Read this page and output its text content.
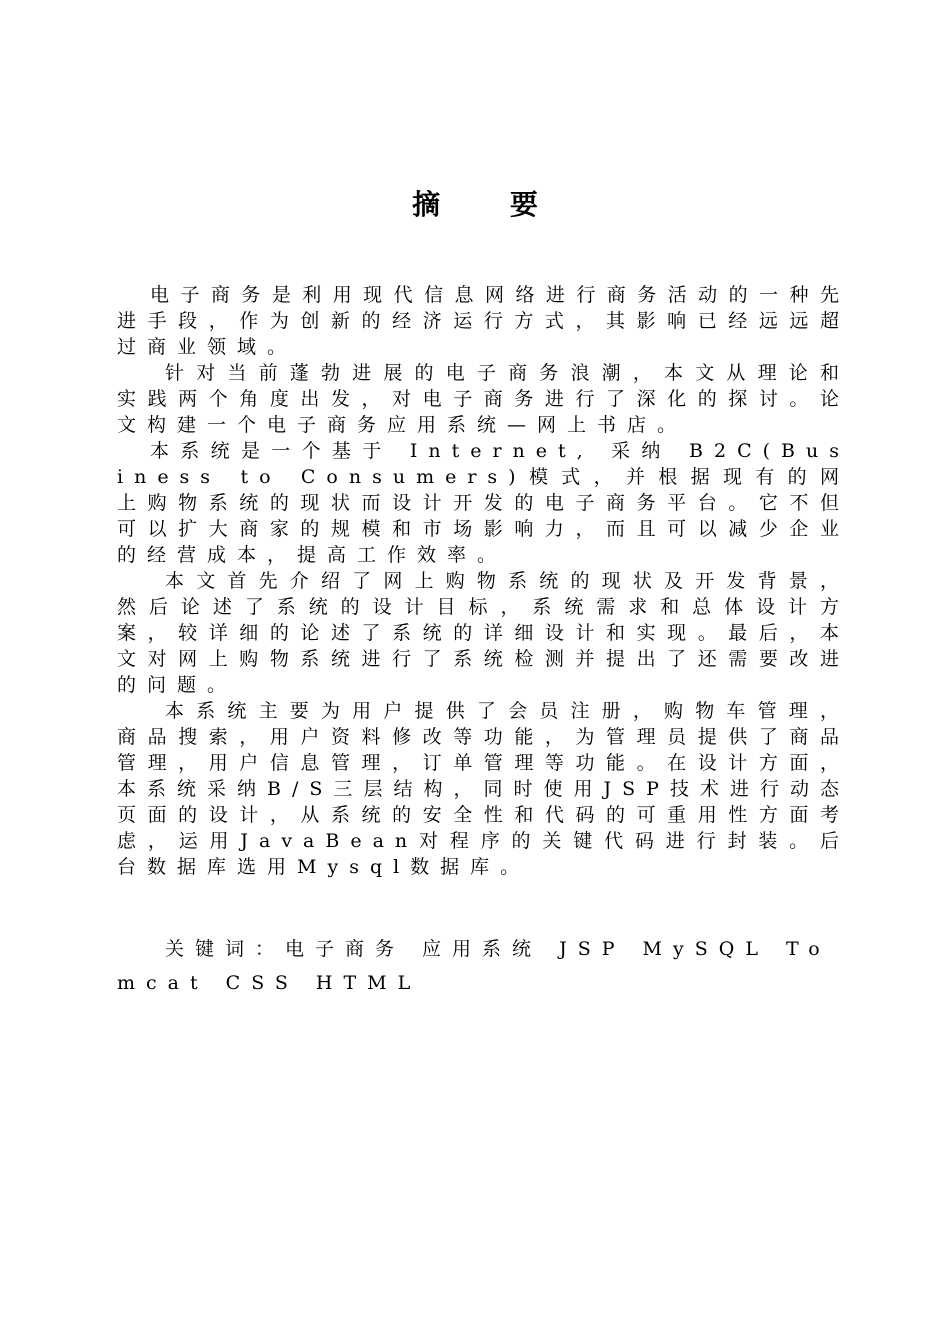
摘 要

电子商务是利用现代信息网络进行商务活动的一种先进手段，作为创新的经济运行方式，其影响已经远远超过商业领域。

针对当前蓬勃进展的电子商务浪潮，本文从理论和实践两个角度出发，对电子商务进行了深化的探讨。论文构建一个电子商务应用系统—网上书店。

本系统是一个基于 Internet, 采纳 B2C(Business to Consumers)模式，并根据现有的网上购物系统的现状而设计开发的电子商务平台。它不但可以扩大商家的规模和市场影响力，而且可以减少企业的经营成本，提高工作效率。

本文首先介绍了网上购物系统的现状及开发背景，然后论述了系统的设计目标，系统需求和总体设计方案，较详细的论述了系统的详细设计和实现。最后，本文对网上购物系统进行了系统检测并提出了还需要改进的问题。

本系统主要为用户提供了会员注册，购物车管理，商品搜索，用户资料修改等功能，为管理员提供了商品管理，用户信息管理，订单管理等功能。在设计方面，本系统采纳B/S三层结构，同时使用JSP技术进行动态页面的设计，从系统的安全性和代码的可重用性方面考虑，运用JavaBean对程序的关键代码进行封装。后台数据库选用Mysql数据库。

关键词：电子商务 应用系统 JSP MySQL Tomcat CSS HTML
